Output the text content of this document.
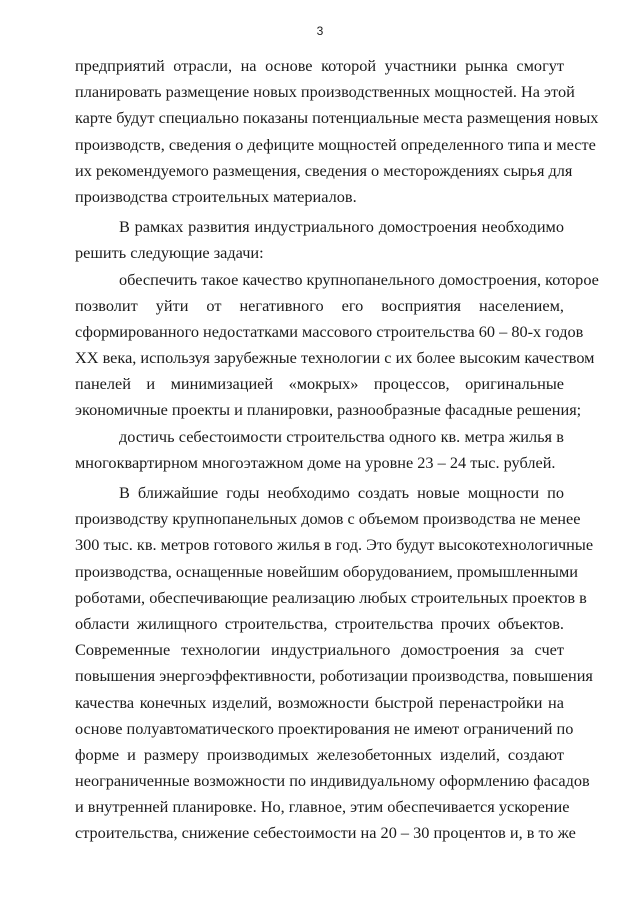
3
предприятий отрасли, на основе которой участники рынка смогут
планировать размещение новых производственных мощностей. На этой
карте будут специально показаны потенциальные места размещения новых
производств, сведения о дефиците мощностей определенного типа и месте
их рекомендуемого размещения, сведения о месторождениях сырья для
производства строительных материалов.
В рамках развития индустриального домостроения необходимо
решить следующие задачи:
обеспечить такое качество крупнопанельного домостроения, которое
позволит уйти от негативного его восприятия населением,
сформированного недостатками массового строительства 60 – 80-х годов
XX века, используя зарубежные технологии с их более высоким качеством
панелей и минимизацией «мокрых» процессов, оригинальные
экономичные проекты и планировки, разнообразные фасадные решения;
достичь себестоимости строительства одного кв. метра жилья в
многоквартирном многоэтажном доме на уровне 23 – 24 тыс. рублей.
В ближайшие годы необходимо создать новые мощности по
производству крупнопанельных домов с объемом производства не менее
300 тыс. кв. метров готового жилья в год. Это будут высокотехнологичные
производства, оснащенные новейшим оборудованием, промышленными
роботами, обеспечивающие реализацию любых строительных проектов в
области жилищного строительства, строительства прочих объектов.
Современные технологии индустриального домостроения за счет
повышения энергоэффективности, роботизации производства, повышения
качества конечных изделий, возможности быстрой перенастройки на
основе полуавтоматического проектирования не имеют ограничений по
форме и размеру производимых железобетонных изделий, создают
неограниченные возможности по индивидуальному оформлению фасадов
и внутренней планировке. Но, главное, этим обеспечивается ускорение
строительства, снижение себестоимости на 20 – 30 процентов и, в то же
